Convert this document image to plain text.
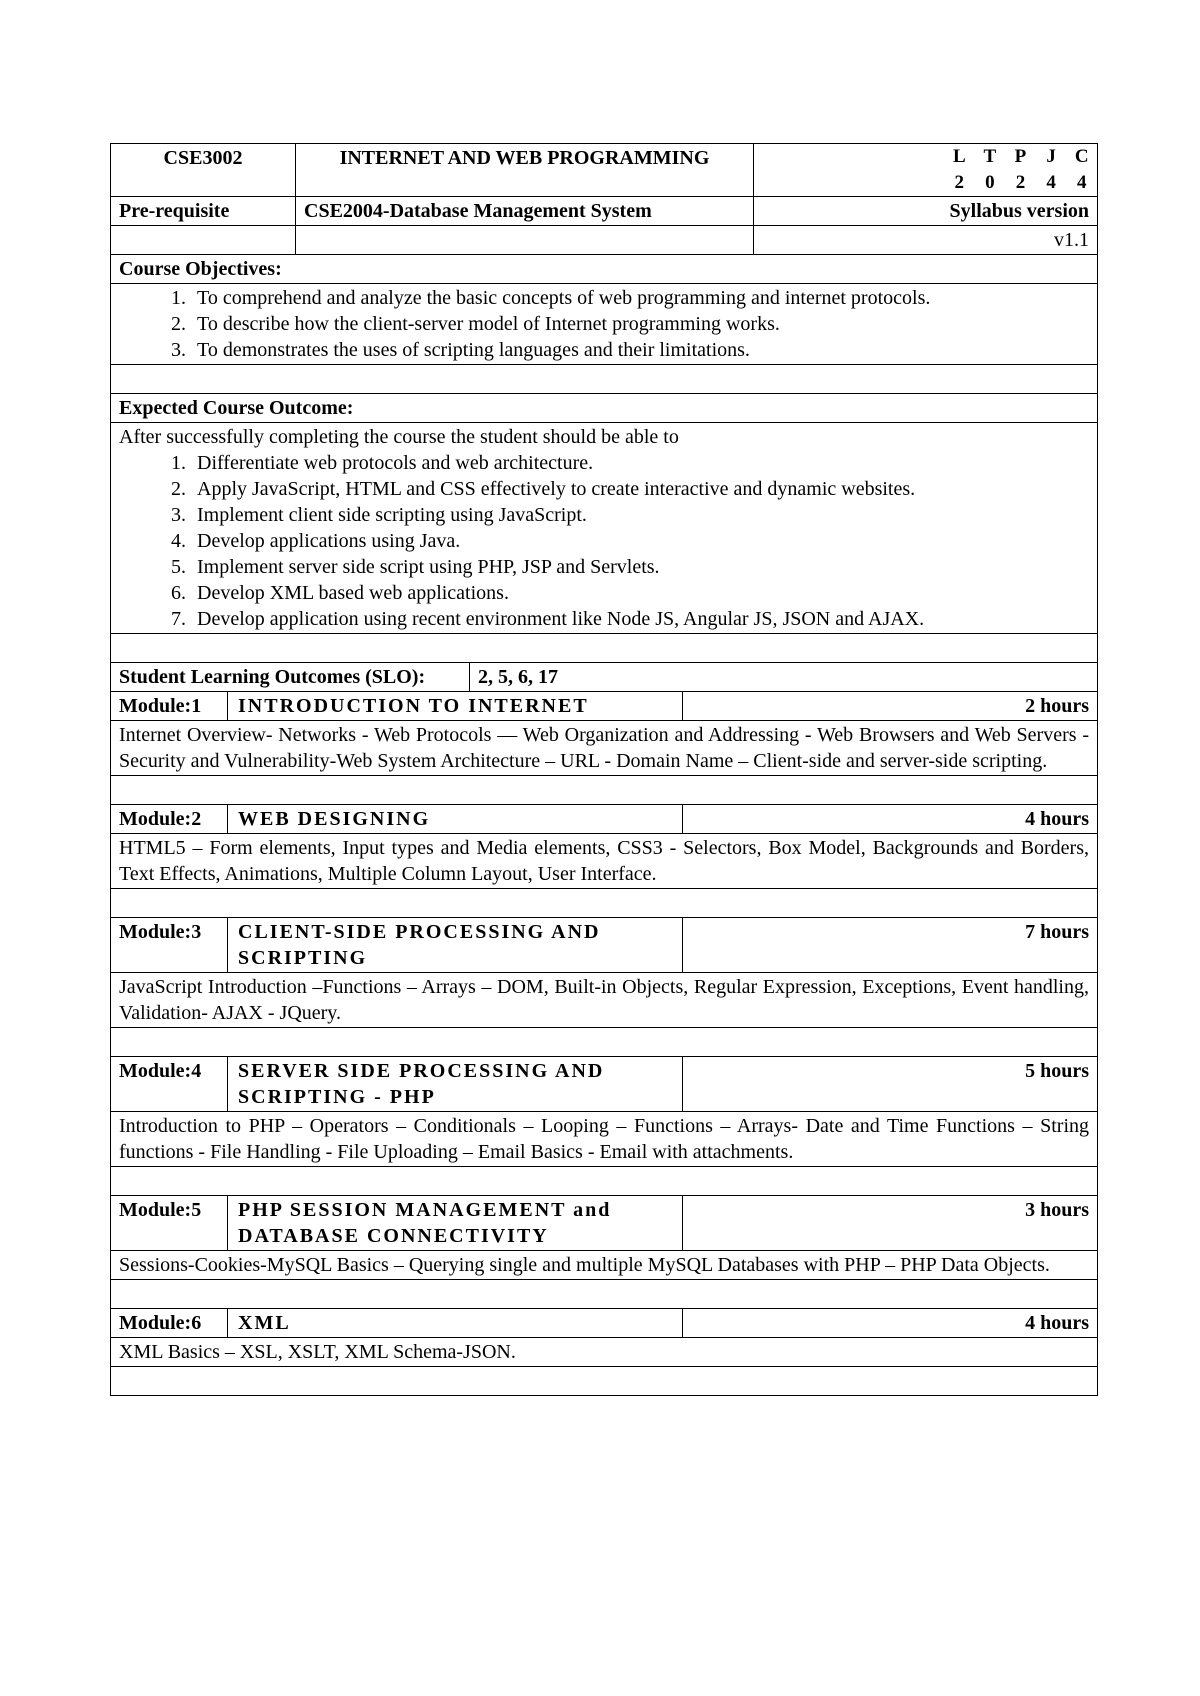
CSE3002	INTERNET AND WEB PROGRAMMING	
		L	T	P	J	C
2	0	2	4	4

Pre-requisite	CSE2004-Database Management System	Syllabus version
		v1.1
Course Objectives:

1. To comprehend and analyze the basic concepts of web programming and internet protocols.
2. To describe how the client-server model of Internet programming works.
3. To demonstrates the uses of scripting languages and their limitations.

Expected Course Outcome:

After successfully completing the course the student should be able to
1. Differentiate web protocols and web architecture.
2. Apply JavaScript, HTML and CSS effectively to create interactive and dynamic websites.
3. Implement client side scripting using JavaScript.
4. Develop applications using Java.
5. Implement server side script using PHP, JSP and Servlets.
6. Develop XML based web applications.
7. Develop application using recent environment like Node JS, Angular JS, JSON and AJAX.

Student Learning Outcomes (SLO):	2, 5, 6, 17

Module:1	INTRODUCTION TO INTERNET	2 hours

Internet Overview- Networks - Web Protocols –– Web Organization and Addressing - Web Browsers and Web Servers -Security and Vulnerability-Web System Architecture – URL - Domain Name – Client-side and server-side scripting.

Module:2	WEB DESIGNING	4 hours

HTML5 – Form elements, Input types and Media elements, CSS3 - Selectors, Box Model, Backgrounds and Borders, Text Effects, Animations, Multiple Column Layout, User Interface.

Module:3	CLIENT-SIDE PROCESSING AND SCRIPTING	7 hours

JavaScript Introduction –Functions – Arrays – DOM, Built-in Objects, Regular Expression, Exceptions, Event handling, Validation- AJAX - JQuery.

Module:4	SERVER SIDE PROCESSING AND SCRIPTING - PHP	5 hours

Introduction to PHP – Operators – Conditionals – Looping – Functions – Arrays- Date and Time Functions – String functions - File Handling - File Uploading – Email Basics - Email with attachments.

Module:5	PHP SESSION MANAGEMENT and DATABASE CONNECTIVITY	3 hours

Sessions-Cookies-MySQL Basics – Querying single and multiple MySQL Databases with PHP – PHP Data Objects.

Module:6	XML	4 hours

XML Basics – XSL, XSLT, XML Schema-JSON.
